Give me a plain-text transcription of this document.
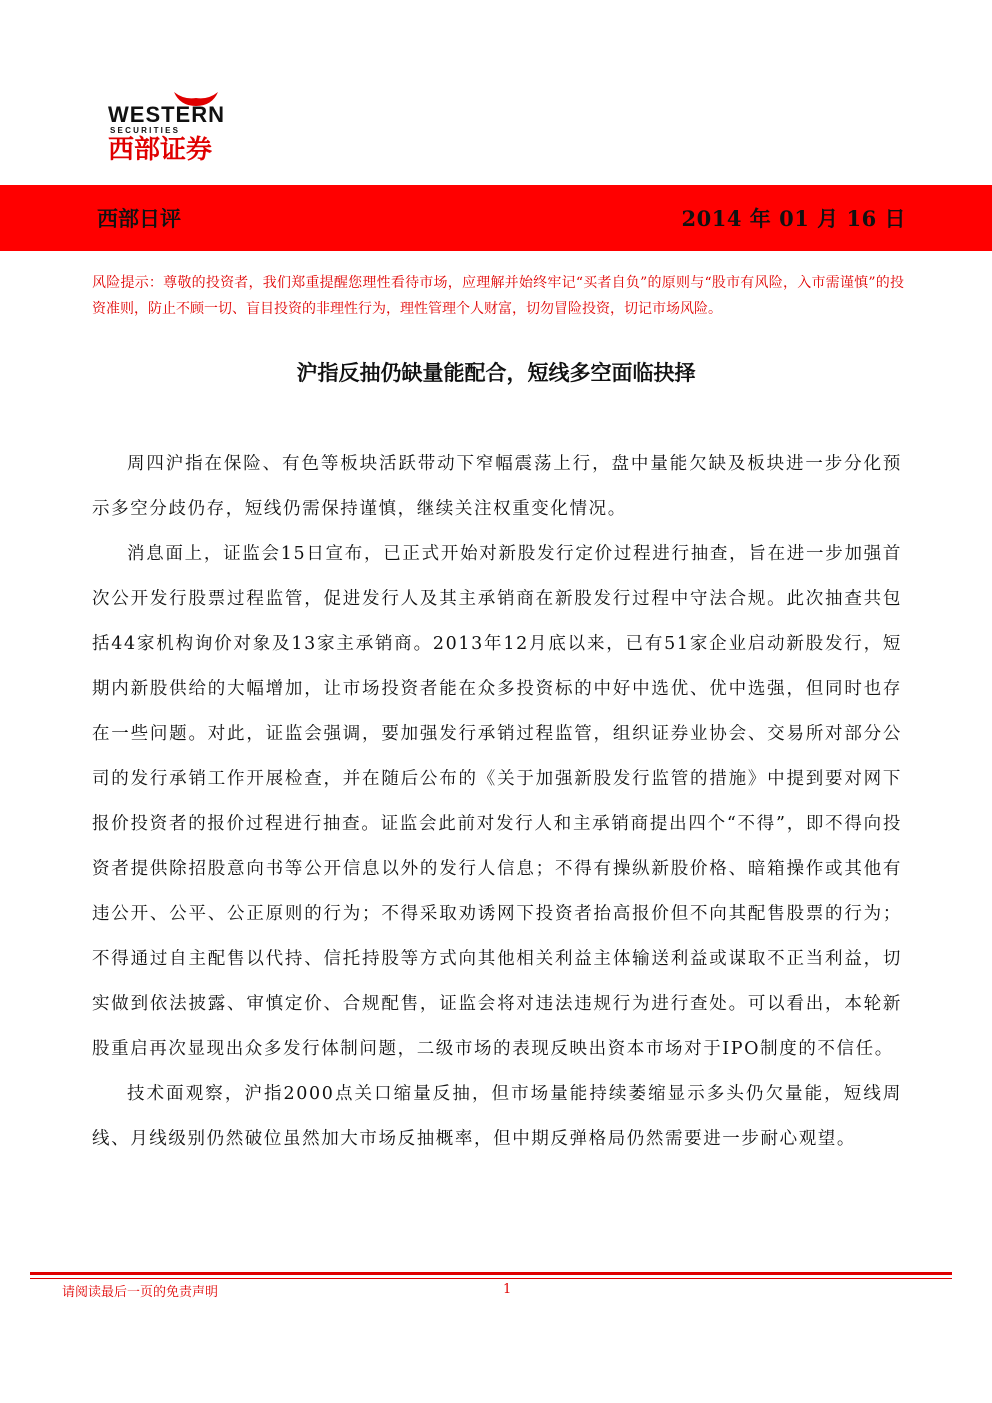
WESTERN
S E C U R I T I E S
西部证券
西部日评	2014 年 01 月 16 日
风险提示：尊敬的投资者，我们郑重提醒您理性看待市场，应理解并始终牢记“买者自负”的原则与“股市有风险，入市需谨慎”的投资准则，防止不顾一切、盲目投资的非理性行为，理性管理个人财富，切勿冒险投资，切记市场风险。
沪指反抽仍缺量能配合，短线多空面临抉择

周四沪指在保险、有色等板块活跃带动下窄幅震荡上行，盘中量能欠缺及板块进一步分化预示多空分歧仍存，短线仍需保持谨慎，继续关注权重变化情况。

消息面上，证监会15日宣布，已正式开始对新股发行定价过程进行抽查，旨在进一步加强首次公开发行股票过程监管，促进发行人及其主承销商在新股发行过程中守法合规。此次抽查共包括44家机构询价对象及13家主承销商。2013年12月底以来，已有51家企业启动新股发行，短期内新股供给的大幅增加，让市场投资者能在众多投资标的中好中选优、优中选强，但同时也存在一些问题。对此，证监会强调，要加强发行承销过程监管，组织证券业协会、交易所对部分公司的发行承销工作开展检查，并在随后公布的《关于加强新股发行监管的措施》中提到要对网下报价投资者的报价过程进行抽查。证监会此前对发行人和主承销商提出四个“不得”，即不得向投资者提供除招股意向书等公开信息以外的发行人信息；不得有操纵新股价格、暗箱操作或其他有违公开、公平、公正原则的行为；不得采取劝诱网下投资者抬高报价但不向其配售股票的行为；不得通过自主配售以代持、信托持股等方式向其他相关利益主体输送利益或谋取不正当利益，切实做到依法披露、审慎定价、合规配售，证监会将对违法违规行为进行查处。可以看出，本轮新股重启再次显现出众多发行体制问题，二级市场的表现反映出资本市场对于IPO制度的不信任。

技术面观察，沪指2000点关口缩量反抽，但市场量能持续萎缩显示多头仍欠量能，短线周线、月线级别仍然破位虽然加大市场反抽概率，但中期反弹格局仍然需要进一步耐心观望。

请阅读最后一页的免责声明	1
